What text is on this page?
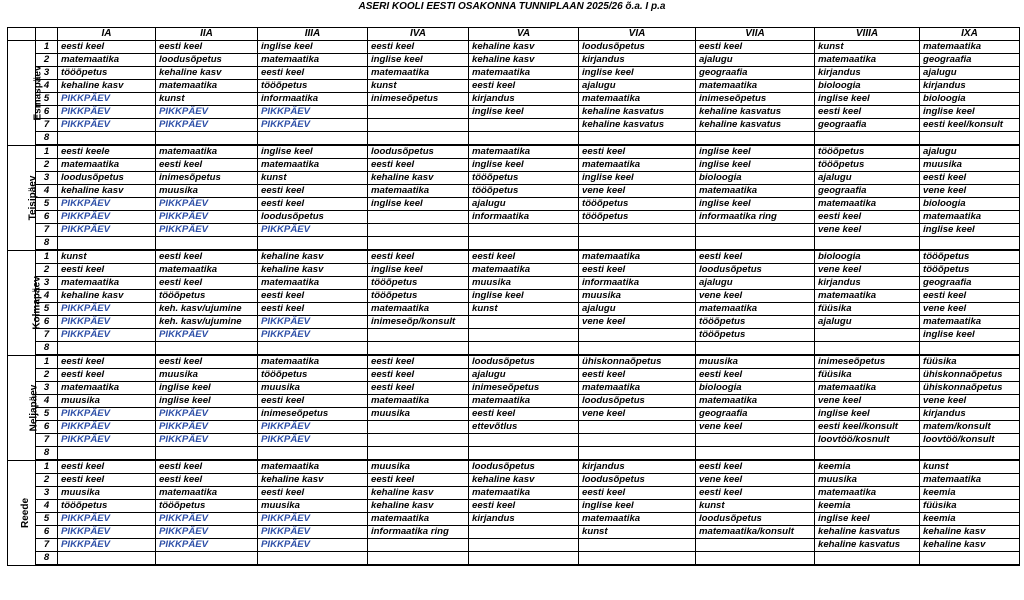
ASERI KOOLI EESTI OSAKONNA TUNNIPLAAN 2025/26 õ.a. I p.a
		IA	IIA	IIIA	IVA	VA	VIA	VIIA	VIIIA	IXA
Esmaspäev	1	eesti keel	eesti keel	inglise keel	eesti keel	kehaline kasv	loodusõpetus	eesti keel	kunst	matemaatika
	2	matemaatika	loodusõpetus	matemaatika	inglise keel	kehaline kasv	kirjandus	ajalugu	matemaatika	geograafia
	3	tööõpetus	kehaline kasv	eesti keel	matemaatika	matemaatika	inglise keel	geograafia	kirjandus	ajalugu
	4	kehaline kasv	matemaatika	tööõpetus	kunst	eesti keel	ajalugu	matemaatika	bioloogia	kirjandus
	5	PIKKPÄEV	kunst	informaatika	inimeseõpetus	kirjandus	matemaatika	inimeseõpetus	inglise keel	bioloogia
	6	PIKKPÄEV	PIKKPÄEV	PIKKPÄEV		inglise keel	kehaline kasvatus	kehaline kasvatus	eesti keel	inglise keel
	7	PIKKPÄEV	PIKKPÄEV	PIKKPÄEV			kehaline kasvatus	kehaline kasvatus	geograafia	eesti keel/konsult
	8									
Teisipäev	1	eesti keele	matemaatika	inglise keel	loodusõpetus	matemaatika	eesti keel	inglise keel	tööõpetus	ajalugu
	2	matemaatika	eesti keel	matemaatika	eesti keel	inglise keel	matemaatika	inglise keel	tööõpetus	muusika
	3	loodusõpetus	inimesõpetus	kunst	kehaline kasv	tööõpetus	inglise keel	bioloogia	ajalugu	eesti keel
	4	kehaline kasv	muusika	eesti keel	matemaatika	tööõpetus	vene keel	matemaatika	geograafia	vene keel
	5	PIKKPÄEV	PIKKPÄEV	eesti keel	inglise keel	ajalugu	tööõpetus	inglise keel	matemaatika	bioloogia
	6	PIKKPÄEV	PIKKPÄEV	loodusõpetus		informaatika	tööõpetus	informaatika ring	eesti keel	matemaatika
	7	PIKKPÄEV	PIKKPÄEV	PIKKPÄEV					vene keel	inglise keel
	8									
Kolmapäev	1	kunst	eesti keel	kehaline kasv	eesti keel	eesti keel	matemaatika	eesti keel	bioloogia	tööõpetus
	2	eesti keel	matemaatika	kehaline kasv	inglise keel	matemaatika	eesti keel	loodusõpetus	vene keel	tööõpetus
	3	matemaatika	eesti keel	matemaatika	tööõpetus	muusika	informaatika	ajalugu	kirjandus	geograafia
	4	kehaline kasv	tööõpetus	eesti keel	tööõpetus	inglise keel	muusika	vene keel	matemaatika	eesti keel
	5	PIKKPÄEV	keh. kasv/ujumine	eesti keel	matemaatika	kunst	ajalugu	matemaatika	füüsika	vene keel
	6	PIKKPÄEV	keh. kasv/ujumine	PIKKPÄEV	inimeseõp/konsult		vene keel	tööõpetus	ajalugu	matemaatika
	7	PIKKPÄEV	PIKKPÄEV	PIKKPÄEV				tööõpetus		inglise keel
	8									
Neljapäev	1	eesti keel	eesti keel	matemaatika	eesti keel	loodusõpetus	ühiskonnaõpetus	muusika	inimeseõpetus	füüsika
	2	eesti keel	muusika	tööõpetus	eesti keel	ajalugu	eesti keel	eesti keel	füüsika	ühiskonnaõpetus
	3	matemaatika	inglise keel	muusika	eesti keel	inimeseõpetus	matemaatika	bioloogia	matemaatika	ühiskonnaõpetus
	4	muusika	inglise keel	eesti keel	matemaatika	matemaatika	loodusõpetus	matemaatika	vene keel	vene keel
	5	PIKKPÄEV	PIKKPÄEV	inimeseõpetus	muusika	eesti keel	vene keel	geograafia	inglise keel	kirjandus
	6	PIKKPÄEV	PIKKPÄEV	PIKKPÄEV		ettevõtlus		vene keel	eesti keel/konsult	matem/konsult
	7	PIKKPÄEV	PIKKPÄEV	PIKKPÄEV					loovtöö/kosnult	loovtöö/konsult
	8									
Reede	1	eesti keel	eesti keel	matemaatika	muusika	loodusõpetus	kirjandus	eesti keel	keemia	kunst
	2	eesti keel	eesti keel	kehaline kasv	eesti keel	kehaline kasv	loodusõpetus	vene keel	muusika	matemaatika
	3	muusika	matemaatika	eesti keel	kehaline kasv	matemaatika	eesti keel	eesti keel	matemaatika	keemia
	4	tööõpetus	tööõpetus	muusika	kehaline kasv	eesti keel	inglise keel	kunst	keemia	füüsika
	5	PIKKPÄEV	PIKKPÄEV	PIKKPÄEV	matemaatika	kirjandus	matemaatika	loodusõpetus	inglise keel	keemia
	6	PIKKPÄEV	PIKKPÄEV	PIKKPÄEV	informaatika ring		kunst	matemaatika/konsult	kehaline kasvatus	kehaline kasv
	7	PIKKPÄEV	PIKKPÄEV	PIKKPÄEV					kehaline kasvatus	kehaline kasv
	8									
